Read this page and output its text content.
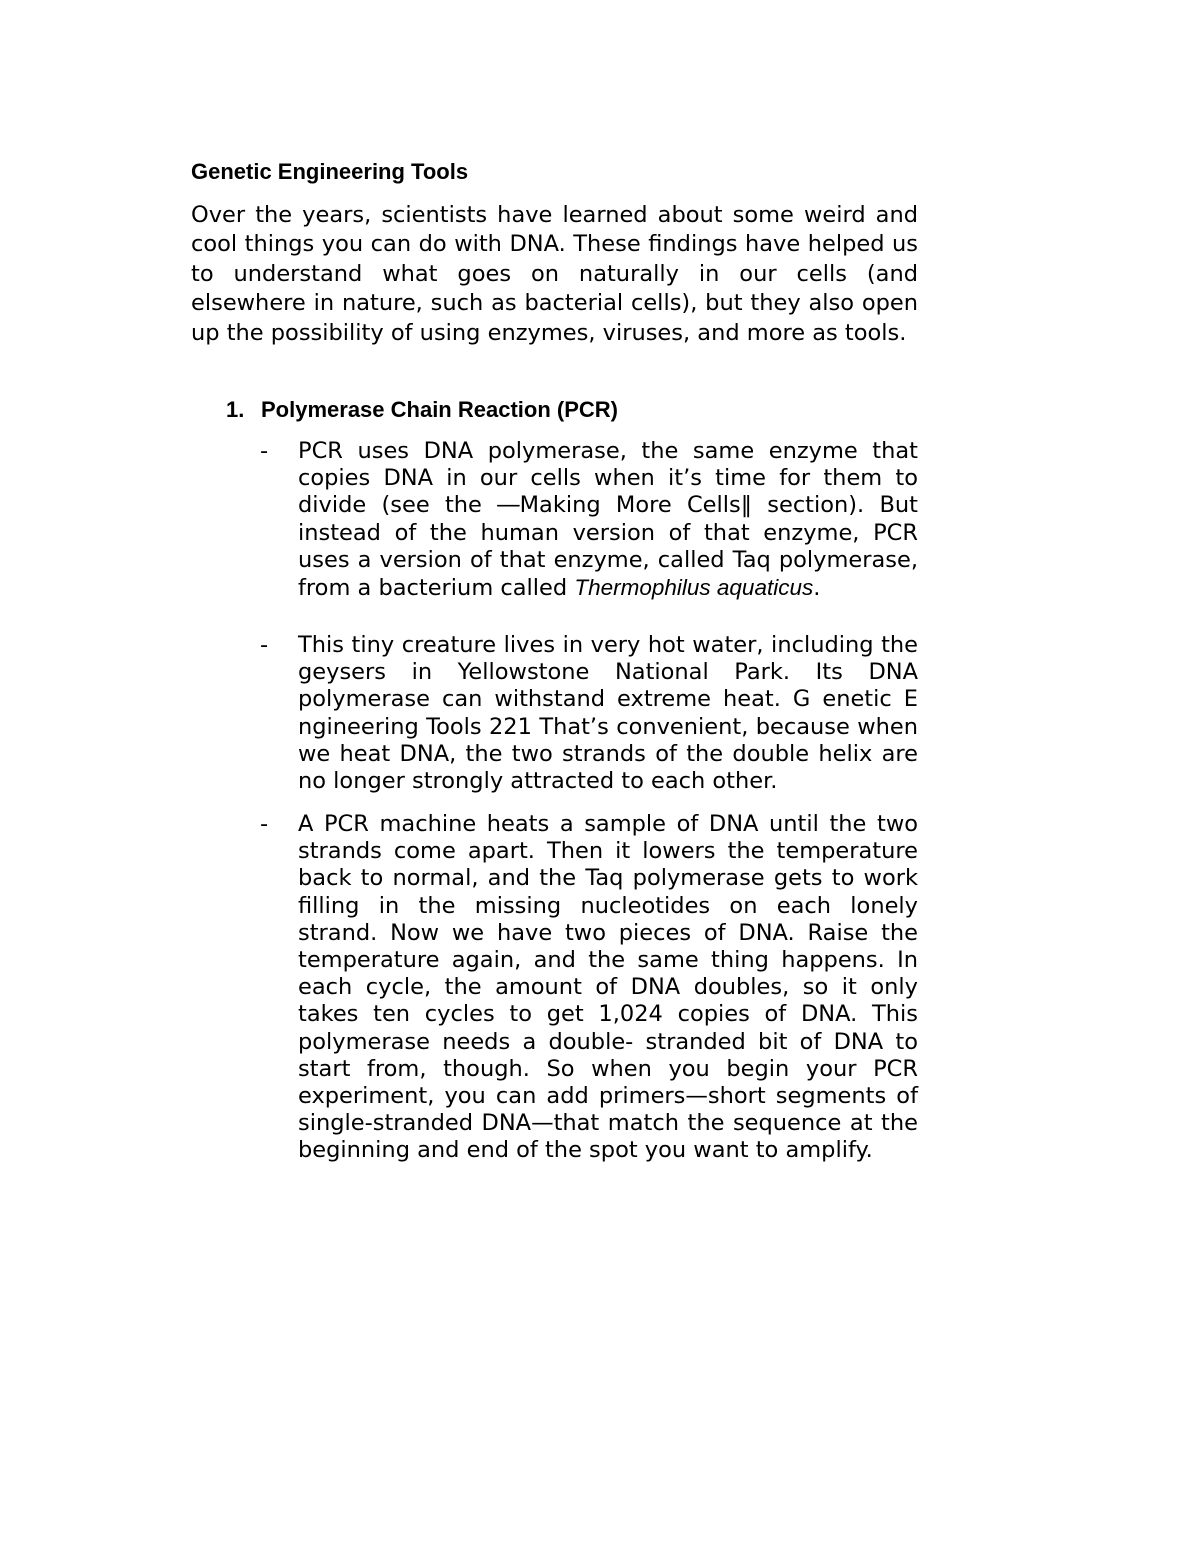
Genetic Engineering Tools

Over the years, scientists have learned about some weird and cool things you can do with DNA. These findings have helped us to understand what goes on naturally in our cells (and elsewhere in nature, such as bacterial cells), but they also open up the possibility of using enzymes, viruses, and more as tools.

1. Polymerase Chain Reaction (PCR)
-	PCR uses DNA polymerase, the same enzyme that copies DNA in our cells when it’s time for them to divide (see the ―Making More Cells‖ section). But instead of the human version of that enzyme, PCR uses a version of that enzyme, called Taq polymerase, from a bacterium called Thermophilus aquaticus.
-	This tiny creature lives in very hot water, including the geysers in Yellowstone National Park. Its DNA polymerase can withstand extreme heat. G enetic E ngineering Tools 221 That’s convenient, because when we heat DNA, the two strands of the double helix are no longer strongly attracted to each other.
-	A PCR machine heats a sample of DNA until the two strands come apart. Then it lowers the temperature back to normal, and the Taq polymerase gets to work filling in the missing nucleotides on each lonely strand. Now we have two pieces of DNA. Raise the temperature again, and the same thing happens. In each cycle, the amount of DNA doubles, so it only takes ten cycles to get 1,024 copies of DNA. This polymerase needs a double- stranded bit of DNA to start from, though. So when you begin your PCR experiment, you can add primers—short segments of single-stranded DNA—that match the sequence at the beginning and end of the spot you want to amplify.
